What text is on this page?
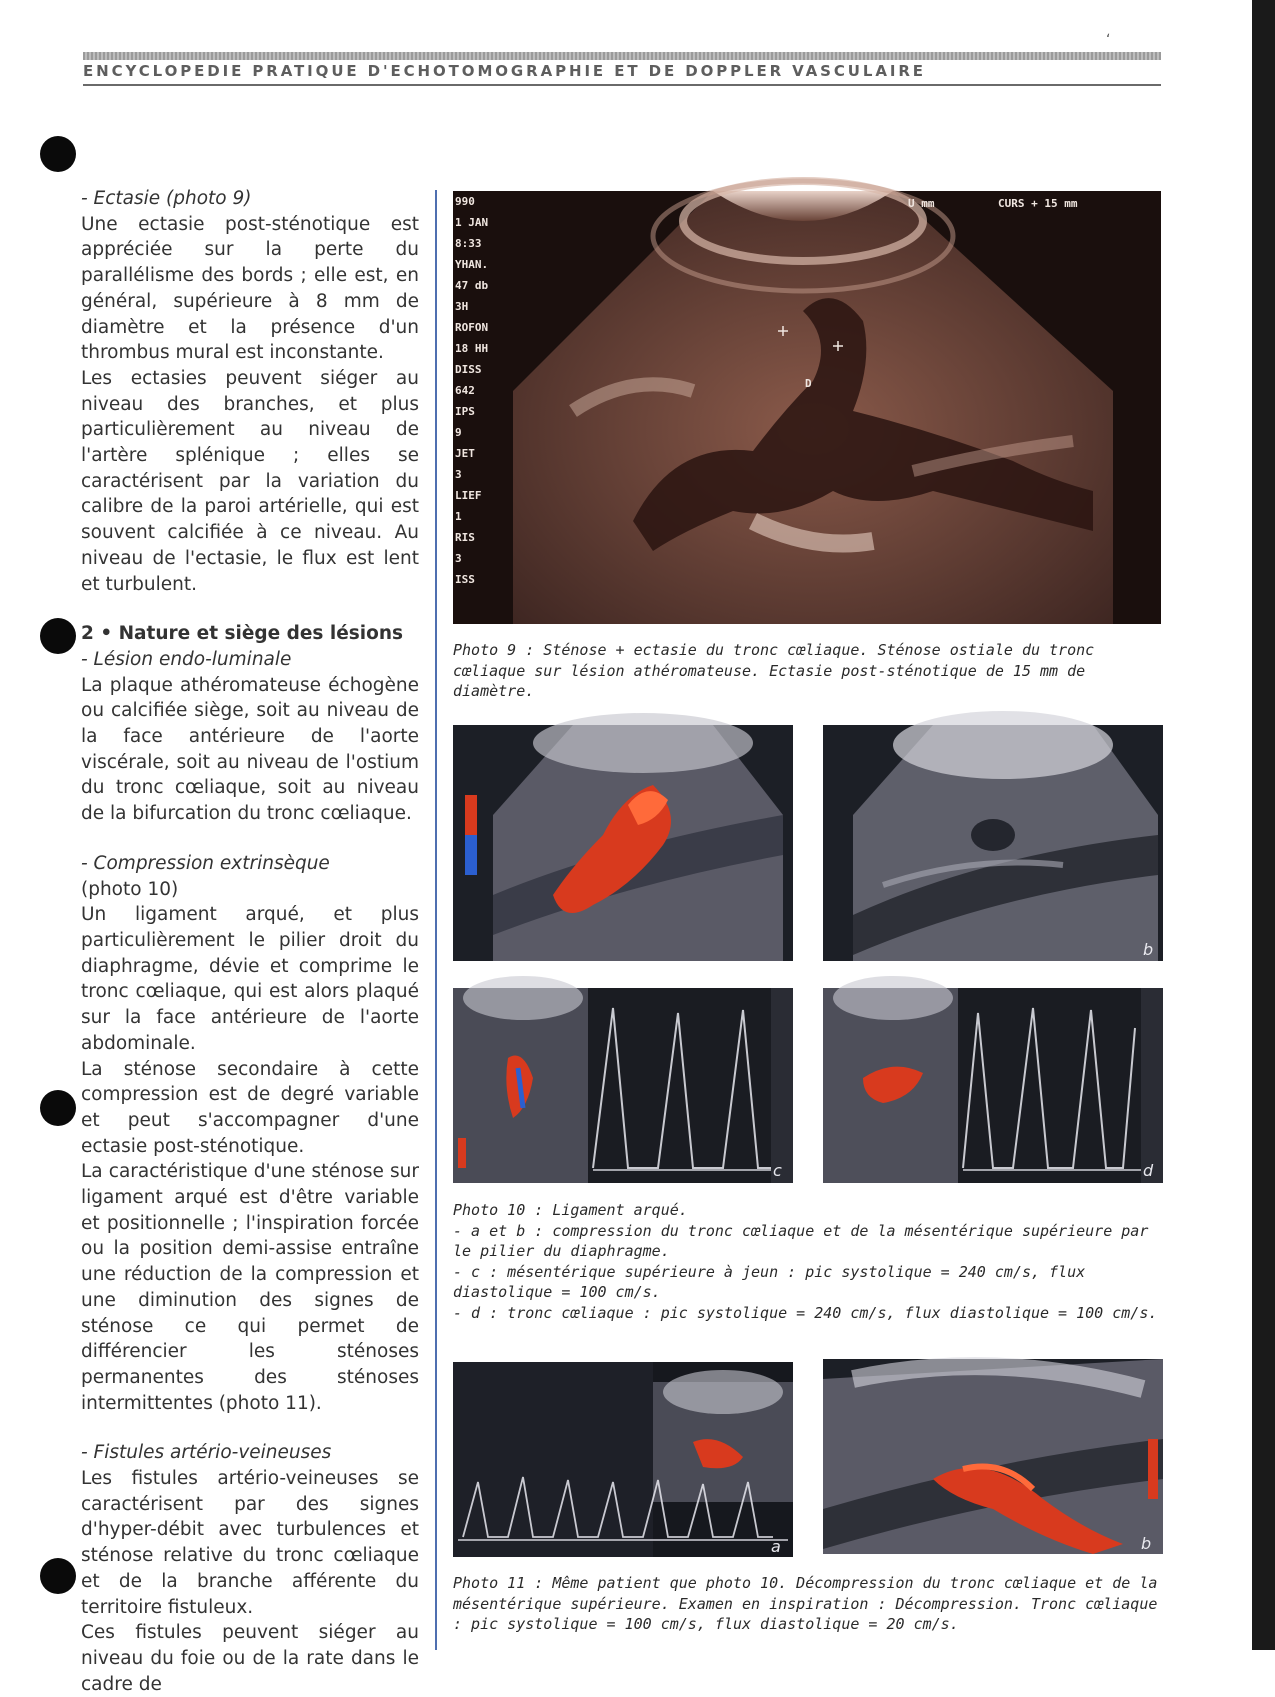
ʻ
ENCYCLOPEDIE PRATIQUE D'ECHOTOMOGRAPHIE ET DE DOPPLER VASCULAIRE
- Ectasie (photo 9)

Une ectasie post-sténotique est appréciée sur la perte du parallélisme des bords ; elle est, en général, supérieure à 8 mm de diamètre et la présence d'un thrombus mural est inconstante.

Les ectasies peuvent siéger au niveau des branches, et plus particulièrement au niveau de l'artère splénique ; elles se caractérisent par la variation du calibre de la paroi artérielle, qui est souvent calcifiée à ce niveau. Au niveau de l'ectasie, le flux est lent et turbulent.

2 • Nature et siège des lésions
- Lésion endo-luminale

La plaque athéromateuse échogène ou calcifiée siège, soit au niveau de la face antérieure de l'aorte viscérale, soit au niveau de l'ostium du tronc cœliaque, soit au niveau de la bifurcation du tronc cœliaque.

- Compression extrinsèque
(photo 10)

Un ligament arqué, et plus particulièrement le pilier droit du diaphragme, dévie et comprime le tronc cœliaque, qui est alors plaqué sur la face antérieure de l'aorte abdominale.

La sténose secondaire à cette compression est de degré variable et peut s'accompagner d'une ectasie post-sténotique.

La caractéristique d'une sténose sur ligament arqué est d'être variable et positionnelle ; l'inspiration forcée ou la position demi-assise entraîne une réduction de la compression et une diminution des signes de sténose ce qui permet de différencier les sténoses permanentes des sténoses intermittentes (photo 11).

- Fistules artério-veineuses

Les fistules artério-veineuses se caractérisent par des signes d'hyper-débit avec turbulences et sténose relative du tronc cœliaque et de la branche afférente du territoire fistuleux.

Ces fistules peuvent siéger au niveau du foie ou de la rate dans le cadre de

990
1 JAN
8:33
YHAN.
47 db
3H
ROFON
18 HH
DISS
642
IPS
9
JET
3
LIEF
1
RIS
3
ISS
U mm	CURS + 15 mm
D
Photo 9 : Sténose + ectasie du tronc cœliaque. Sténose ostiale du tronc cœliaque sur lésion athéromateuse. Ectasie post-sténotique de 15 mm de diamètre.
b
c	d
Photo 10 : Ligament arqué.
- a et b : compression du tronc cœliaque et de la mésentérique supérieure par le pilier du diaphragme.
- c : mésentérique supérieure à jeun : pic systolique = 240 cm/s, flux diastolique = 100 cm/s.
- d : tronc cœliaque : pic systolique = 240 cm/s, flux diastolique = 100 cm/s.
a	b
Photo 11 : Même patient que photo 10. Décompression du tronc cœliaque et de la mésentérique supérieure. Examen en inspiration : Décompression. Tronc cœliaque : pic systolique = 100 cm/s, flux diastolique = 20 cm/s.
